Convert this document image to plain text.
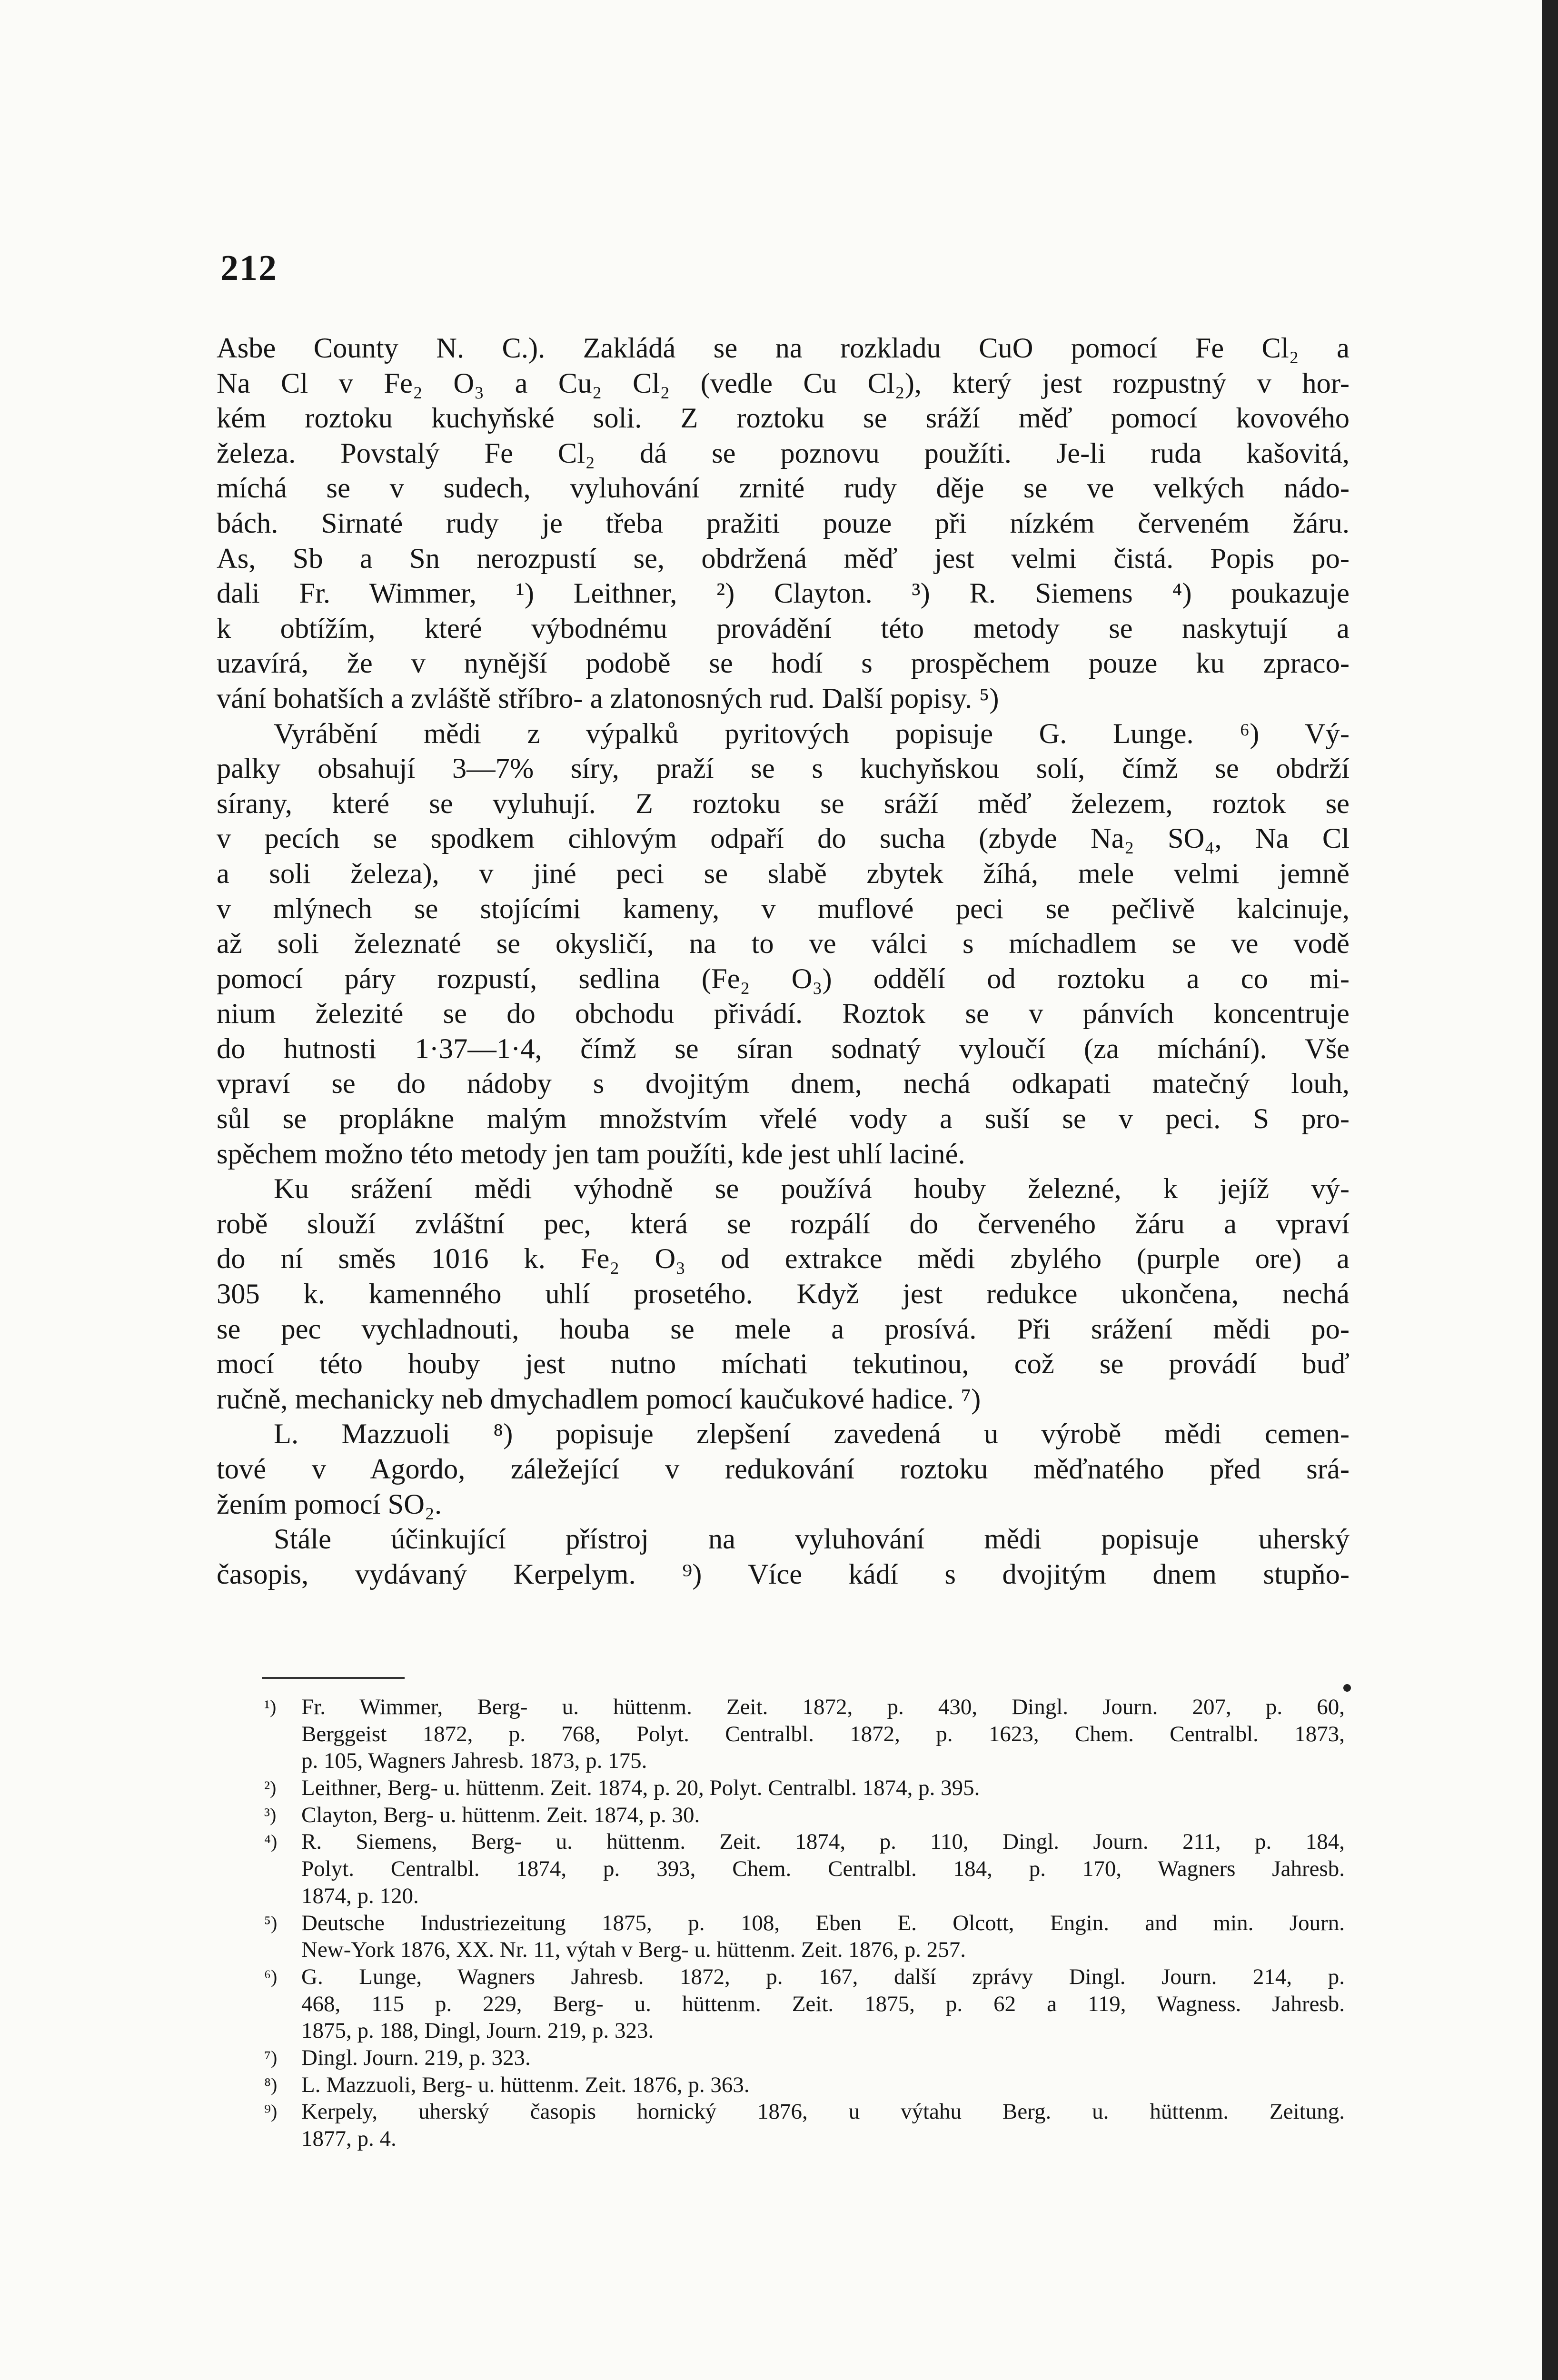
212
Asbe County N. C.). Zakládá se na rozkladu CuO pomocí Fe Cl₂ a
Na Cl v Fe₂ O₃ a Cu₂ Cl₂ (vedle Cu Cl₂), který jest rozpustný v hor-
kém roztoku kuchyňské soli. Z roztoku se sráží měď pomocí kovového
železa. Povstalý Fe Cl₂ dá se poznovu použíti. Je-li ruda kašovitá,
míchá se v sudech, vyluhování zrnité rudy děje se ve velkých nádo-
bách. Sirnaté rudy je třeba pražiti pouze při nízkém červeném žáru.
As, Sb a Sn nerozpustí se, obdržená měď jest velmi čistá. Popis po-
dali Fr. Wimmer, ¹) Leithner, ²) Clayton. ³) R. Siemens ⁴) poukazuje
k obtížím, které výbodnému provádění této metody se naskytují a
uzavírá, že v nynější podobě se hodí s prospěchem pouze ku zpraco-
vání bohatších a zvláště stříbro- a zlatonosných rud. Další popisy. ⁵)
Vyrábění mědi z výpalků pyritových popisuje G. Lunge. ⁶) Vý-
palky obsahují 3—7% síry, praží se s kuchyňskou solí, čímž se obdrží
sírany, které se vyluhují. Z roztoku se sráží měď železem, roztok se
v pecích se spodkem cihlovým odpaří do sucha (zbyde Na₂ SO₄, Na Cl
a soli železa), v jiné peci se slabě zbytek žíhá, mele velmi jemně
v mlýnech se stojícími kameny, v muflové peci se pečlivě kalcinuje,
až soli železnaté se okysličí, na to ve válci s míchadlem se ve vodě
pomocí páry rozpustí, sedlina (Fe₂ O₃) oddělí od roztoku a co mi-
nium železité se do obchodu přivádí. Roztok se v pánvích koncentruje
do hutnosti 1·37—1·4, čímž se síran sodnatý vyloučí (za míchání). Vše
vpraví se do nádoby s dvojitým dnem, nechá odkapati matečný louh,
sůl se propláknе malým množstvím vřelé vody a suší se v peci. S pro-
spěchem možno této metody jen tam použíti, kde jest uhlí laciné.
Ku srážení mědi výhodně se používá houby železné, k jejíž vý-
robě slouží zvláštní pec, která se rozpálí do červeného žáru a vpraví
do ní směs 1016 k. Fe₂ O₃ od extrakce mědi zbylého (purple ore) a
305 k. kamenného uhlí prosetého. Když jest redukce ukončena, nechá
se pec vychladnouti, houba se mele a prosívá. Při srážení mědi po-
mocí této houby jest nutno míchati tekutinou, což se provádí buď
ručně, mechanicky neb dmychadlem pomocí kaučukové hadice. ⁷)
L. Mazzuoli ⁸) popisuje zlepšení zavedená u výrobě mědi cemen-
tové v Agordo, záležející v redukování roztoku měďnatého před srá-
žením pomocí SO₂.
Stále účinkující přístroj na vyluhování mědi popisuje uherský
časopis, vydávaný Kerpelym. ⁹) Více kádí s dvojitým dnem stupňo-
¹) Fr. Wimmer, Berg- u. hüttenm. Zeit. 1872, p. 430, Dingl. Journ. 207, p. 60,
Berggeist 1872, p. 768, Polyt. Centralbl. 1872, p. 1623, Chem. Centralbl. 1873,
p. 105, Wagners Jahresb. 1873, p. 175.
²) Leithner, Berg- u. hüttenm. Zeit. 1874, p. 20, Polyt. Centralbl. 1874, p. 395.
³) Clayton, Berg- u. hüttenm. Zeit. 1874, p. 30.
⁴) R. Siemens, Berg- u. hüttenm. Zeit. 1874, p. 110, Dingl. Journ. 211, p. 184,
Polyt. Centralbl. 1874, p. 393, Chem. Centralbl. 184, p. 170, Wagners Jahresb.
1874, p. 120.
⁵) Deutsche Industriezeitung 1875, p. 108, Eben E. Olcott, Engin. and min. Journ.
New-York 1876, XX. Nr. 11, výtah v Berg- u. hüttenm. Zeit. 1876, p. 257.
⁶) G. Lunge, Wagners Jahresb. 1872, p. 167, další zprávy Dingl. Journ. 214, p.
468, 115 p. 229, Berg- u. hüttenm. Zeit. 1875, p. 62 a 119, Wagness. Jahresb.
1875, p. 188, Dingl, Journ. 219, p. 323.
⁷) Dingl. Journ. 219, p. 323.
⁸) L. Mazzuoli, Berg- u. hüttenm. Zeit. 1876, p. 363.
⁹) Kerpely, uherský časopis hornický 1876, u výtahu Berg. u. hüttenm. Zeitung.
1877, p. 4.
